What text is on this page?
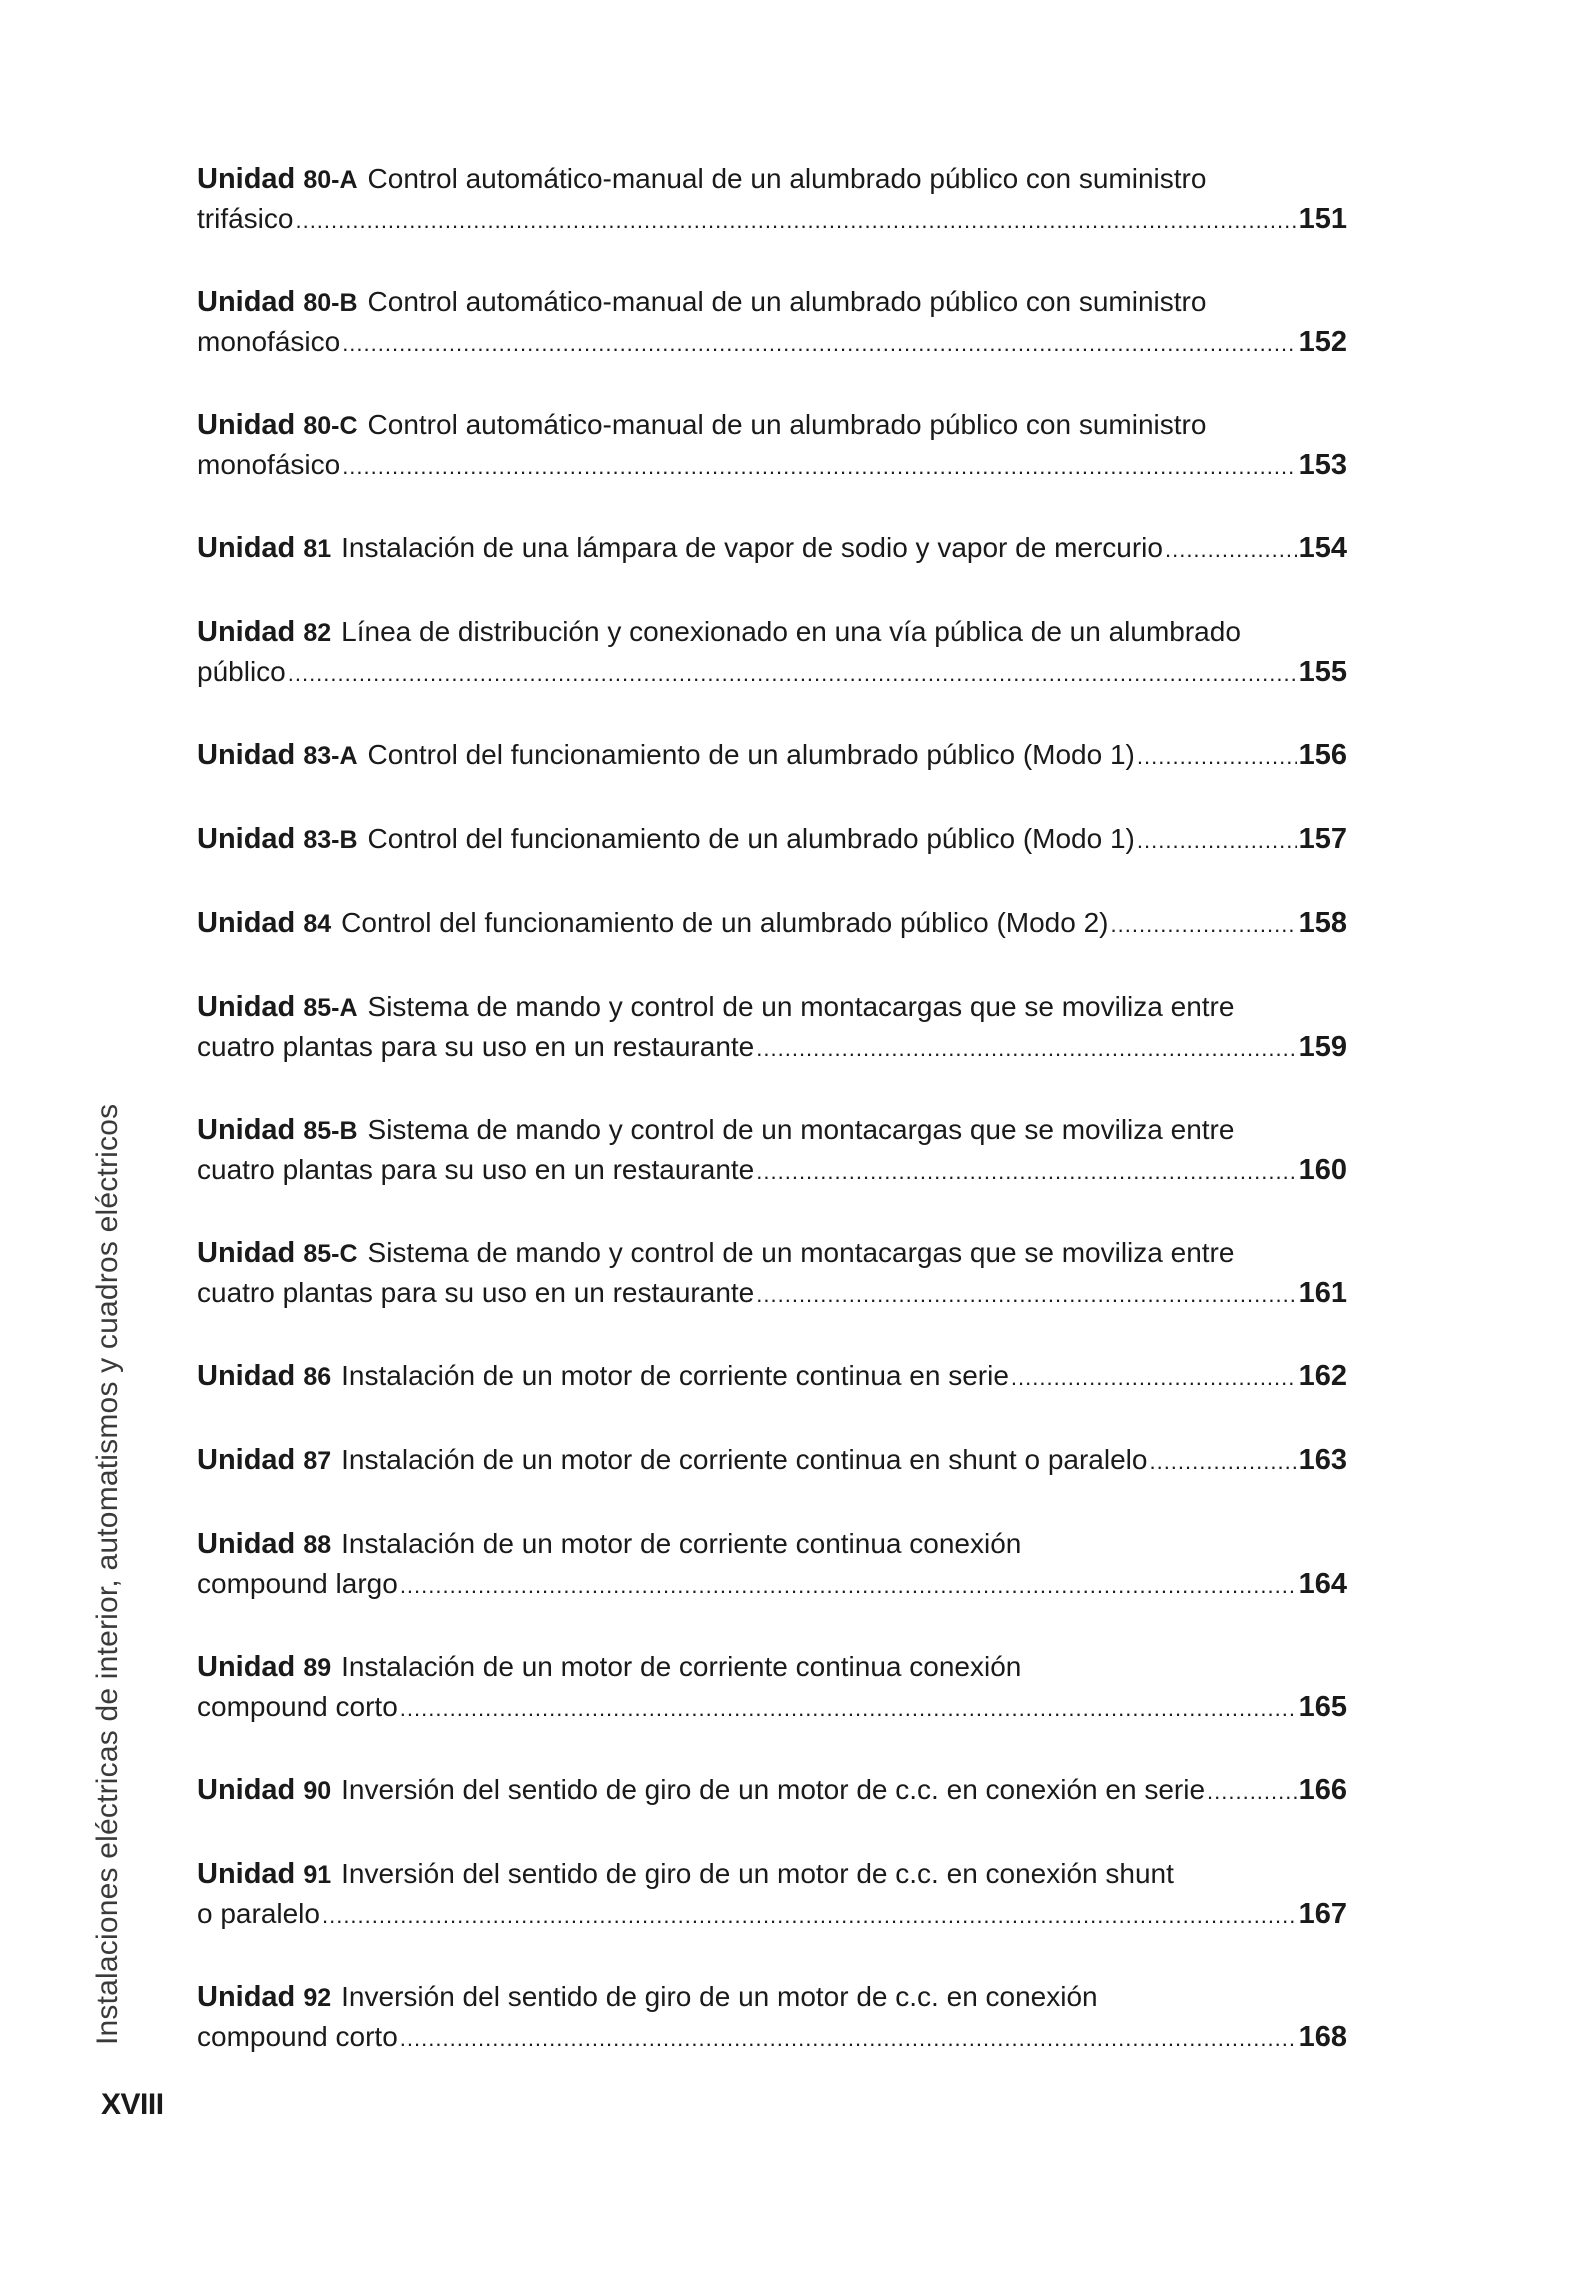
Instalaciones eléctricas de interior, automatismos y cuadros eléctricos
XVIII
Unidad 80-A Control automático-manual de un alumbrado público con suministro
trifásico .....	151
Unidad 80-B Control automático-manual de un alumbrado público con suministro
monofásico .....	152
Unidad 80-C Control automático-manual de un alumbrado público con suministro
monofásico .....	153
Unidad 81 Instalación de una lámpara de vapor de sodio y vapor de mercurio .....	154
Unidad 82 Línea de distribución y conexionado en una vía pública de un alumbrado
público .....	155
Unidad 83-A Control del funcionamiento de un alumbrado público (Modo 1) .....	156
Unidad 83-B Control del funcionamiento de un alumbrado público (Modo 1) .....	157
Unidad 84 Control del funcionamiento de un alumbrado público (Modo 2) .....	158
Unidad 85-A Sistema de mando y control de un montacargas que se moviliza entre
cuatro plantas para su uso en un restaurante .....	159
Unidad 85-B Sistema de mando y control de un montacargas que se moviliza entre
cuatro plantas para su uso en un restaurante .....	160
Unidad 85-C Sistema de mando y control de un montacargas que se moviliza entre
cuatro plantas para su uso en un restaurante .....	161
Unidad 86 Instalación de un motor de corriente continua en serie .....	162
Unidad 87 Instalación de un motor de corriente continua en shunt o paralelo .....	163
Unidad 88 Instalación de un motor de corriente continua conexión
compound largo .....	164
Unidad 89 Instalación de un motor de corriente continua conexión
compound corto .....	165
Unidad 90 Inversión del sentido de giro de un motor de c.c. en conexión en serie .....	166
Unidad 91 Inversión del sentido de giro de un motor de c.c. en conexión shunt
o paralelo .....	167
Unidad 92 Inversión del sentido de giro de un motor de c.c. en conexión
compound corto .....	168
